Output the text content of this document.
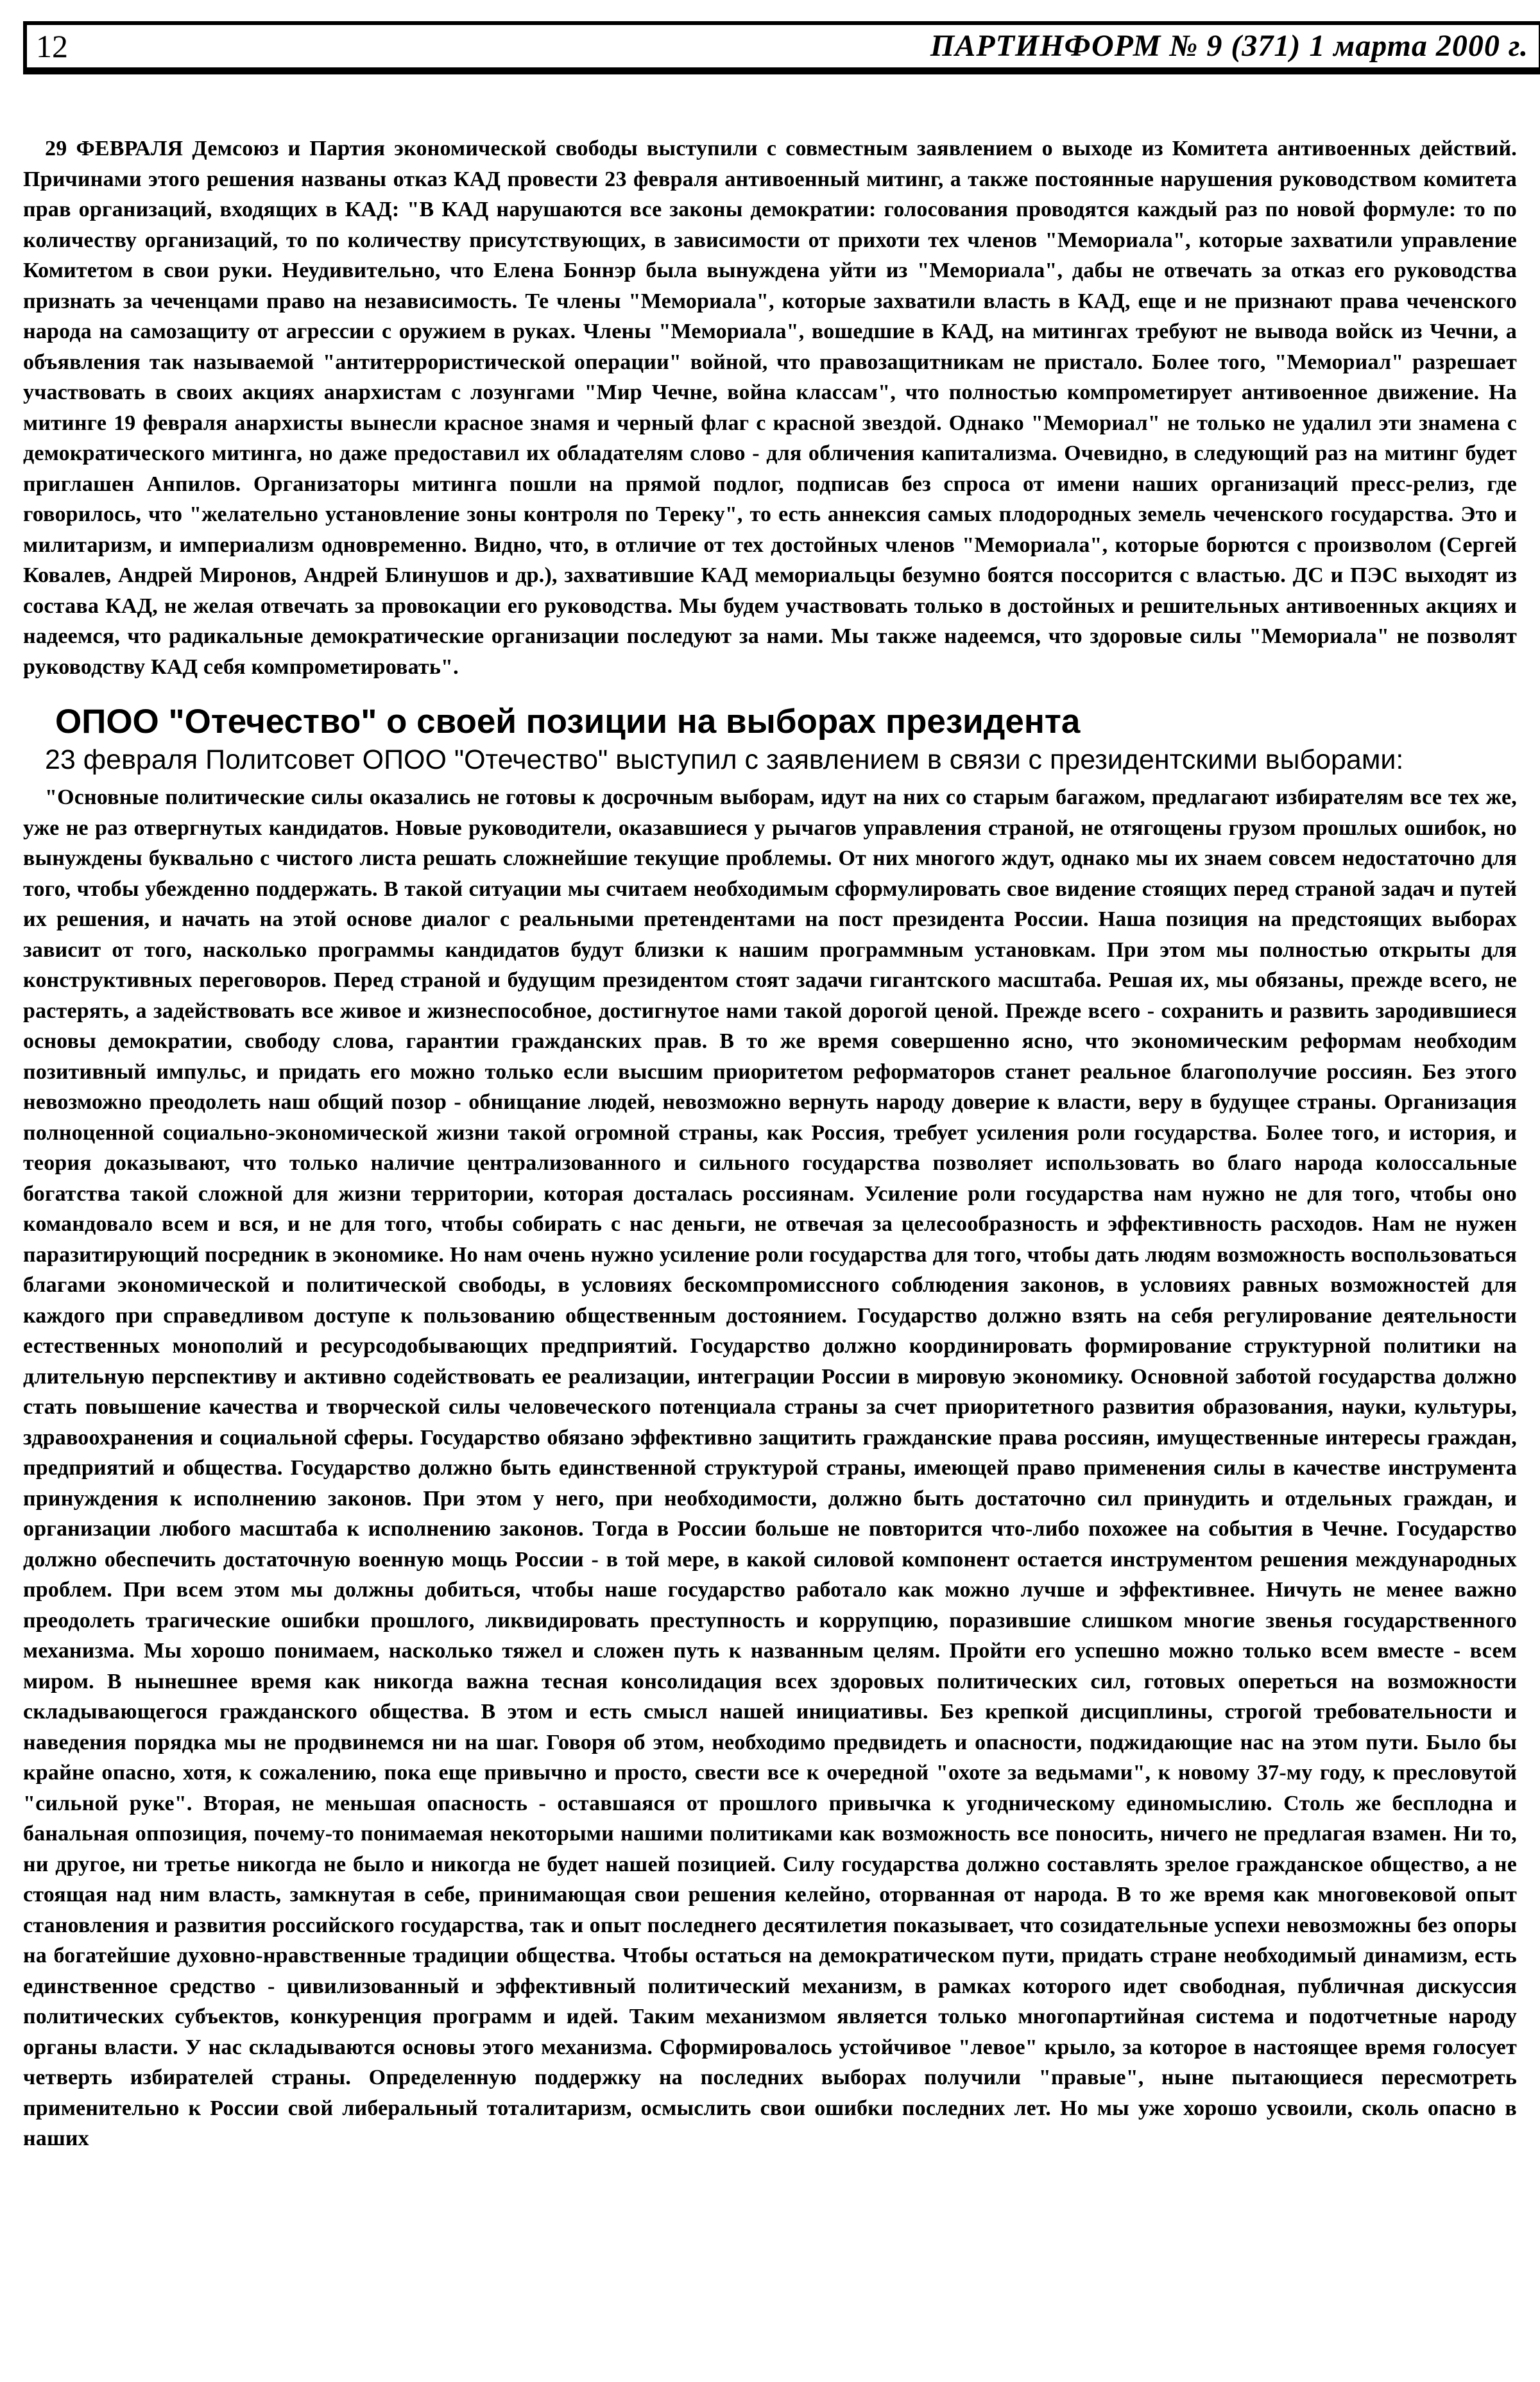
12	ПАРТИНФОРМ № 9 (371) 1 марта 2000 г.

29 ФЕВРАЛЯ Демсоюз и Партия экономической свободы выступили с совместным заявлением о выходе из Комитета антивоенных действий. Причинами этого решения названы отказ КАД провести 23 февраля антивоенный митинг, а также постоянные нарушения руководством комитета прав организаций, входящих в КАД: "В КАД нарушаются все законы демократии: голосования проводятся каждый раз по новой формуле: то по количеству организаций, то по количеству присутствующих, в зависимости от прихоти тех членов "Мемориала", которые захватили управление Комитетом в свои руки. Неудивительно, что Елена Боннэр была вынуждена уйти из "Мемориала", дабы не отвечать за отказ его руководства признать за чеченцами право на независимость. Те члены "Мемориала", которые захватили власть в КАД, еще и не признают права чеченского народа на самозащиту от агрессии с оружием в руках. Члены "Мемориала", вошедшие в КАД, на митингах требуют не вывода войск из Чечни, а объявления так называемой "антитеррористической операции" войной, что правозащитникам не пристало. Более того, "Мемориал" разрешает участвовать в своих акциях анархистам с лозунгами "Мир Чечне, война классам", что полностью компрометирует антивоенное движение. На митинге 19 февраля анархисты вынесли красное знамя и черный флаг с красной звездой. Однако "Мемориал" не только не удалил эти знамена с демократического митинга, но даже предоставил их обладателям слово - для обличения капитализма. Очевидно, в следующий раз на митинг будет приглашен Анпилов. Организаторы митинга пошли на прямой подлог, подписав без спроса от имени наших организаций пресс-релиз, где говорилось, что "желательно установление зоны контроля по Тереку", то есть аннексия самых плодородных земель чеченского государства. Это и милитаризм, и империализм одновременно. Видно, что, в отличие от тех достойных членов "Мемориала", которые борются с произволом (Сергей Ковалев, Андрей Миронов, Андрей Блинушов и др.), захватившие КАД мемориальцы безумно боятся поссорится с властью. ДС и ПЭС выходят из состава КАД, не желая отвечать за провокации его руководства. Мы будем участвовать только в достойных и решительных антивоенных акциях и надеемся, что радикальные демократические организации последуют за нами. Мы также надеемся, что здоровые силы "Мемориала" не позволят руководству КАД себя компрометировать".

ОПОО "Отечество" о своей позиции на выборах президента

23 февраля Политсовет ОПОО "Отечество" выступил с заявлением в связи с президентскими выборами:

"Основные политические силы оказались не готовы к досрочным выборам, идут на них со старым багажом, предлагают избирателям все тех же, уже не раз отвергнутых кандидатов. Новые руководители, оказавшиеся у рычагов управления страной, не отягощены грузом прошлых ошибок, но вынуждены буквально с чистого листа решать сложнейшие текущие проблемы. От них многого ждут, однако мы их знаем совсем недостаточно для того, чтобы убежденно поддержать. В такой ситуации мы считаем необходимым сформулировать свое видение стоящих перед страной задач и путей их решения, и начать на этой основе диалог с реальными претендентами на пост президента России. Наша позиция на предстоящих выборах зависит от того, насколько программы кандидатов будут близки к нашим программным установкам. При этом мы полностью открыты для конструктивных переговоров. Перед страной и будущим президентом стоят задачи гигантского масштаба. Решая их, мы обязаны, прежде всего, не растерять, а задействовать все живое и жизнеспособное, достигнутое нами такой дорогой ценой. Прежде всего - сохранить и развить зародившиеся основы демократии, свободу слова, гарантии гражданских прав. В то же время совершенно ясно, что экономическим реформам необходим позитивный импульс, и придать его можно только если высшим приоритетом реформаторов станет реальное благополучие россиян. Без этого невозможно преодолеть наш общий позор - обнищание людей, невозможно вернуть народу доверие к власти, веру в будущее страны. Организация полноценной социально-экономической жизни такой огромной страны, как Россия, требует усиления роли государства. Более того, и история, и теория доказывают, что только наличие централизованного и сильного государства позволяет использовать во благо народа колоссальные богатства такой сложной для жизни территории, которая досталась россиянам. Усиление роли государства нам нужно не для того, чтобы оно командовало всем и вся, и не для того, чтобы собирать с нас деньги, не отвечая за целесообразность и эффективность расходов. Нам не нужен паразитирующий посредник в экономике. Но нам очень нужно усиление роли государства для того, чтобы дать людям возможность воспользоваться благами экономической и политической свободы, в условиях бескомпромиссного соблюдения законов, в условиях равных возможностей для каждого при справедливом доступе к пользованию общественным достоянием. Государство должно взять на себя регулирование деятельности естественных монополий и ресурсодобывающих предприятий. Государство должно координировать формирование структурной политики на длительную перспективу и активно содействовать ее реализации, интеграции России в мировую экономику. Основной заботой государства должно стать повышение качества и творческой силы человеческого потенциала страны за счет приоритетного развития образования, науки, культуры, здравоохранения и социальной сферы. Государство обязано эффективно защитить гражданские права россиян, имущественные интересы граждан, предприятий и общества. Государство должно быть единственной структурой страны, имеющей право применения силы в качестве инструмента принуждения к исполнению законов. При этом у него, при необходимости, должно быть достаточно сил принудить и отдельных граждан, и организации любого масштаба к исполнению законов. Тогда в России больше не повторится что-либо похожее на события в Чечне. Государство должно обеспечить достаточную военную мощь России - в той мере, в какой силовой компонент остается инструментом решения международных проблем. При всем этом мы должны добиться, чтобы наше государство работало как можно лучше и эффективнее. Ничуть не менее важно преодолеть трагические ошибки прошлого, ликвидировать преступность и коррупцию, поразившие слишком многие звенья государственного механизма. Мы хорошо понимаем, насколько тяжел и сложен путь к названным целям. Пройти его успешно можно только всем вместе - всем миром. В нынешнее время как никогда важна тесная консолидация всех здоровых политических сил, готовых опереться на возможности складывающегося гражданского общества. В этом и есть смысл нашей инициативы. Без крепкой дисциплины, строгой требовательности и наведения порядка мы не продвинемся ни на шаг. Говоря об этом, необходимо предвидеть и опасности, поджидающие нас на этом пути. Было бы крайне опасно, хотя, к сожалению, пока еще привычно и просто, свести все к очередной "охоте за ведьмами", к новому 37-му году, к пресловутой "сильной руке". Вторая, не меньшая опасность - оставшаяся от прошлого привычка к угодническому единомыслию. Столь же бесплодна и банальная оппозиция, почему-то понимаемая некоторыми нашими политиками как возможность все поносить, ничего не предлагая взамен. Ни то, ни другое, ни третье никогда не было и никогда не будет нашей позицией. Силу государства должно составлять зрелое гражданское общество, а не стоящая над ним власть, замкнутая в себе, принимающая свои решения келейно, оторванная от народа. В то же время как многовековой опыт становления и развития российского государства, так и опыт последнего десятилетия показывает, что созидательные успехи невозможны без опоры на богатейшие духовно-нравственные традиции общества. Чтобы остаться на демократическом пути, придать стране необходимый динамизм, есть единственное средство - цивилизованный и эффективный политический механизм, в рамках которого идет свободная, публичная дискуссия политических субъектов, конкуренция программ и идей. Таким механизмом является только многопартийная система и подотчетные народу органы власти. У нас складываются основы этого механизма. Сформировалось устойчивое "левое" крыло, за которое в настоящее время голосует четверть избирателей страны. Определенную поддержку на последних выборах получили "правые", ныне пытающиеся пересмотреть применительно к России свой либеральный тоталитаризм, осмыслить свои ошибки последних лет. Но мы уже хорошо усвоили, сколь опасно в наших
